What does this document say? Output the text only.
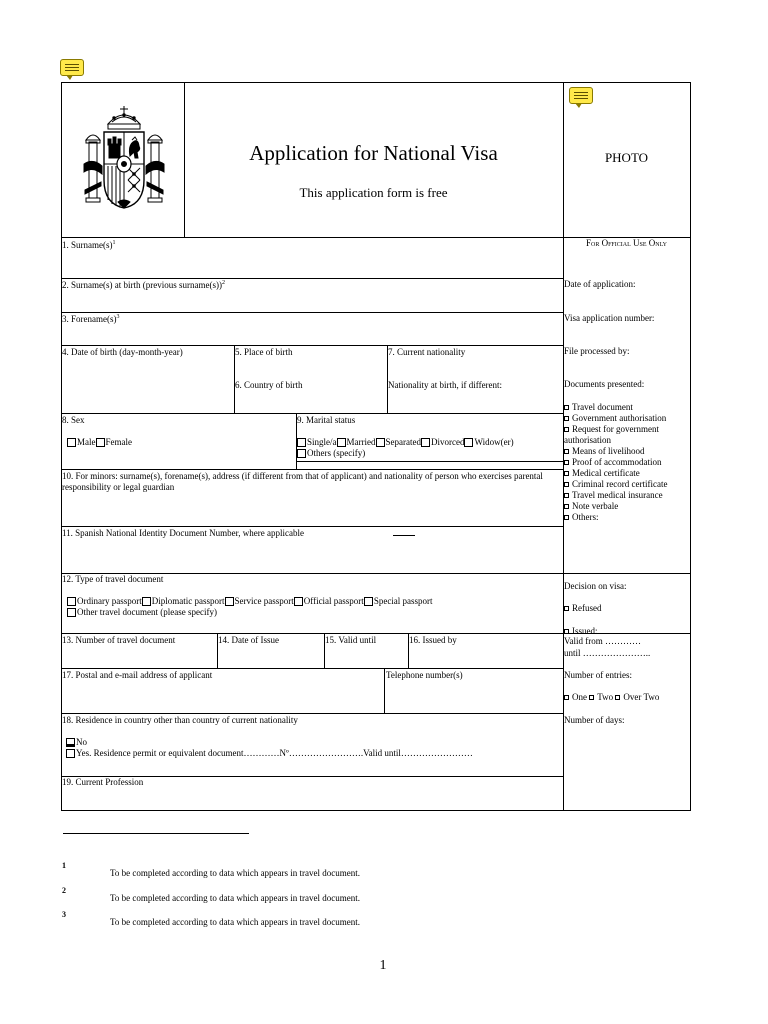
Application for National Visa
This application form is free
PHOTO
1. $Surname(s)^1$
2. Surname(s) at birth (previous surname(s))$^2$
3. $Forename(s)^3$
4. Date of birth (day-month-year)	5. Place of birth
6. Country of birth
7. Current nationality
Nationality at birth, if different:
8. Sex
Male Female
9. Marital status
Single/a Married Separated Divorced Widow(er)
Others (specify)
10. For minors: surname(s), forename(s), address (if different from that of applicant) and nationality of person who exercises parental responsibility or legal guardian
11. Spanish National Identity Document Number, where applicable
12. Type of travel document
Ordinary passport Diplomatic passport Service passport Official passport Special passport
Other travel document (please specify)
13. Number of travel document	14. Date of Issue	15. Valid until	16. Issued by
17. Postal and e-mail address of applicant	Telephone number(s)
18. Residence in country other than country of current nationality
No
Yes. Residence permit or equivalent document…………Nº…………………….Valid until……………………
19. Current Profession
For Official Use Only
Date of application:
Visa application number:
File processed by:
Documents presented:
Travel document
Government authorisation
Request for government
authorisation
Means of livelihood
Proof of accommodation
Medical certificate
Criminal record certificate
Travel medical insurance
Note verbale
Others:
Decision on visa:
Refused
Issued:
Valid from …………
until …………………..
Number of entries:
One Two Over Two
Number of days:
1
To be completed according to data which appears in travel document.
2
To be completed according to data which appears in travel document.
3
To be completed according to data which appears in travel document.
1
